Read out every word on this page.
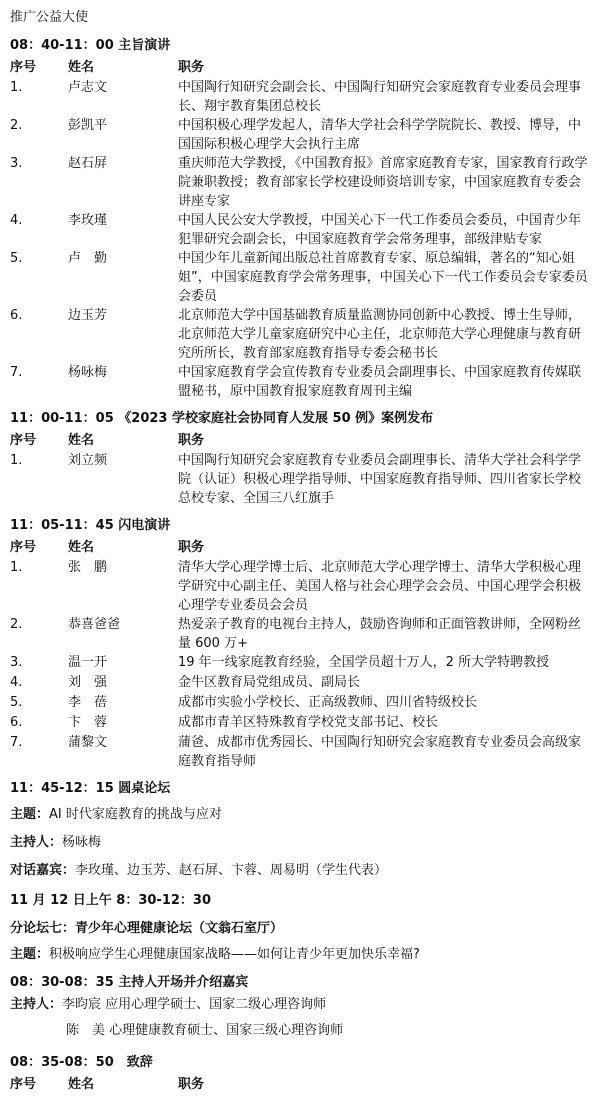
推广公益大使
08：40-11：00 主旨演讲
序号	姓名	职务
1.	卢志文	中国陶行知研究会副会长、中国陶行知研究会家庭教育专业委员会理事长、翔宇教育集团总校长
2.	彭凯平	中国积极心理学发起人，清华大学社会科学学院院长、教授、博导，中国国际积极心理学大会执行主席
3.	赵石屏	重庆师范大学教授，《中国教育报》首席家庭教育专家，国家教育行政学院兼职教授；教育部家长学校建设师资培训专家，中国家庭教育专委会讲座专家
4.	李玫瑾	中国人民公安大学教授，中国关心下一代工作委员会委员，中国青少年犯罪研究会副会长，中国家庭教育学会常务理事，部级津贴专家
5.	卢　勤	中国少年儿童新闻出版总社首席教育专家、原总编辑，著名的“知心姐姐”，中国家庭教育学会常务理事，中国关心下一代工作委员会专家委员会委员
6.	边玉芳	北京师范大学中国基础教育质量监测协同创新中心教授、博士生导师，北京师范大学儿童家庭研究中心主任，北京师范大学心理健康与教育研究所所长，教育部家庭教育指导专委会秘书长
7.	杨咏梅	中国家庭教育学会宣传教育专业委员会副理事长、中国家庭教育传媒联盟秘书，原中国教育报家庭教育周刊主编
11：00-11：05 《2023 学校家庭社会协同育人发展 50 例》案例发布
序号	姓名	职务
1.	刘立频	中国陶行知研究会家庭教育专业委员会副理事长、清华大学社会科学学院（认证）积极心理学指导师、中国家庭教育指导师、四川省家长学校总校专家、全国三八红旗手
11：05-11：45 闪电演讲
序号	姓名	职务
1.	张　鹏	清华大学心理学博士后、北京师范大学心理学博士、清华大学积极心理学研究中心副主任、美国人格与社会心理学会会员、中国心理学会积极心理学专业委员会会员
2.	恭喜爸爸	热爱亲子教育的电视台主持人，鼓励咨询师和正面管教讲师，全网粉丝量 600 万+
3.	温一开	19 年一线家庭教育经验，全国学员超十万人，2 所大学特聘教授
4.	刘　强	金牛区教育局党组成员、副局长
5.	李　蓓	成都市实验小学校长、正高级教师、四川省特级校长
6.	卞　蓉	成都市青羊区特殊教育学校党支部书记、校长
7.	蒲黎文	蒲爸、成都市优秀园长、中国陶行知研究会家庭教育专业委员会高级家庭教育指导师
11：45-12：15 圆桌论坛
主题：AI 时代家庭教育的挑战与应对
主持人：杨咏梅
对话嘉宾：李玫瑾、边玉芳、赵石屏、卞蓉、周易明（学生代表）
11 月 12 日上午 8：30-12：30
分论坛七：青少年心理健康论坛（文翁石室厅）
主题：积极响应学生心理健康国家战略——如何让青少年更加快乐幸福?
08：30-08：35 主持人开场并介绍嘉宾
主持人：李昀宸 应用心理学硕士、国家二级心理咨询师
陈　美 心理健康教育硕士、国家三级心理咨询师
08：35-08：50　致辞
序号	姓名	职务
